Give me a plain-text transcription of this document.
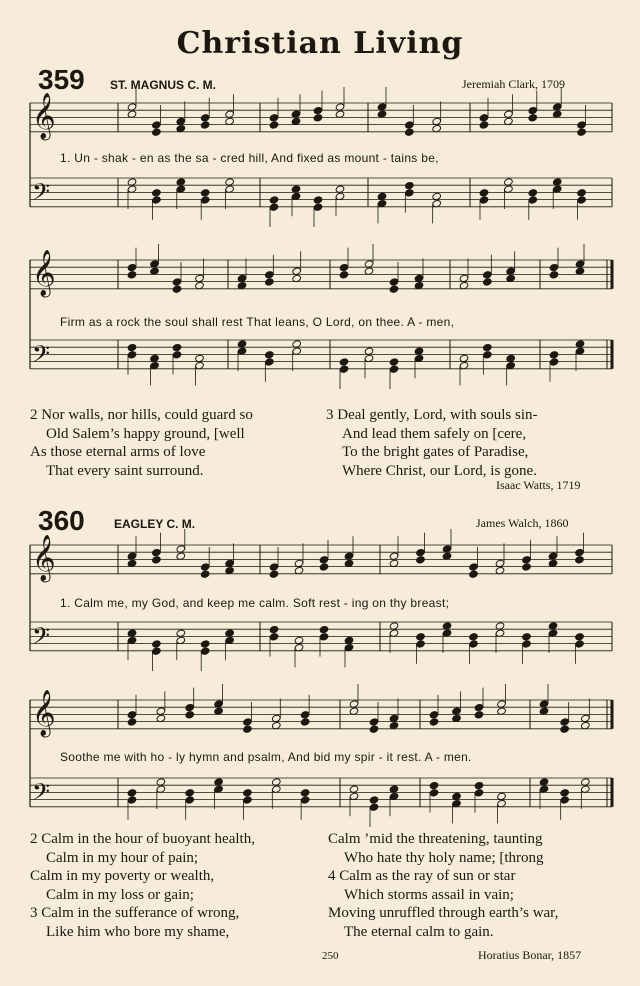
Christian Living
359 ST. MAGNUS C. M.	Jeremiah Clark, 1709
𝄞
𝄢
𝄞
𝄢
𝄞
𝄢
𝄞
𝄢
1. Un - shak - en as the sa - cred hill, And fixed as mount - tains be,
Firm as a rock the soul shall rest That leans, O Lord, on thee. A - men,
2 Nor walls, nor hills, could guard so
Old Salem’s happy ground, [well
As those eternal arms of love
That every saint surround.
3 Deal gently, Lord, with souls sin-
And lead them safely on [cere,
To the bright gates of Paradise,
Where Christ, our Lord, is gone.
Isaac Watts, 1719
360 EAGLEY C. M.	James Walch, 1860
1. Calm me, my God, and keep me calm. Soft rest - ing on thy breast;
Soothe me with ho - ly hymn and psalm, And bid my spir - it rest. A - men.
2 Calm in the hour of buoyant health,
Calm in my hour of pain;
Calm in my poverty or wealth,
Calm in my loss or gain;
3 Calm in the sufferance of wrong,
Like him who bore my shame,
Calm ’mid the threatening, taunting
Who hate thy holy name; [throng
4 Calm as the ray of sun or star
Which storms assail in vain;
Moving unruffled through earth’s war,
The eternal calm to gain.
250	Horatius Bonar, 1857
